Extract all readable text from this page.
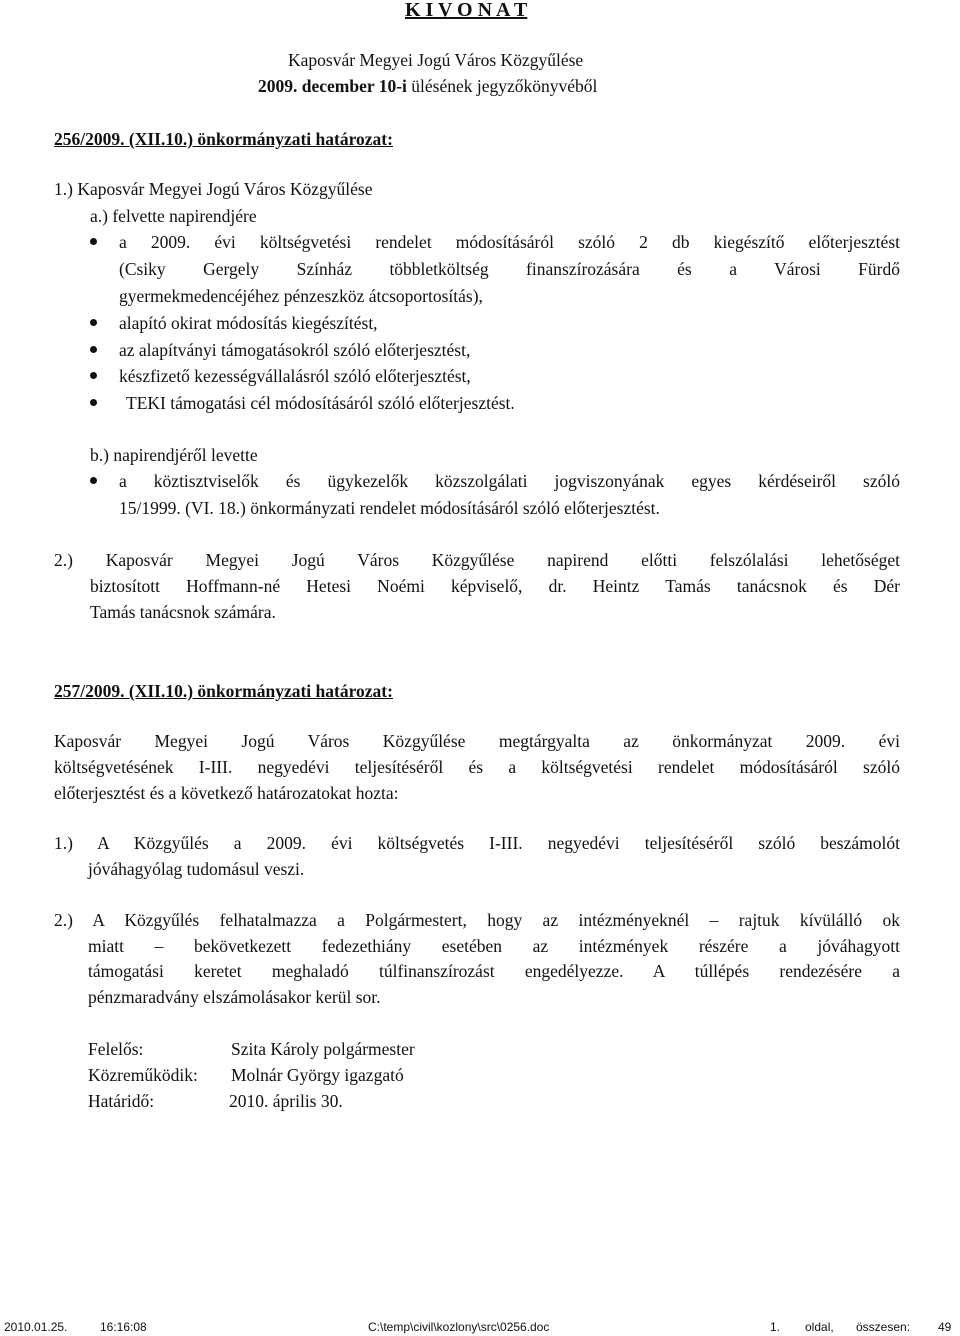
K I V O N A T
Kaposvár Megyei Jogú Város Közgyűlése
2009. december 10-i ülésének jegyzőkönyvéből
256/2009. (XII.10.) önkormányzati határozat:
1.) Kaposvár Megyei Jogú Város Közgyűlése
a.) felvette napirendjére
a 2009. évi költségvetési rendelet módosításáról szóló 2 db kiegészítő előterjesztést
(Csiky Gergely Színház többletköltség finanszírozására és a Városi Fürdő
gyermekmedencéjéhez pénzeszköz átcsoportosítás),
alapító okirat módosítás kiegészítést,
az alapítványi támogatásokról szóló előterjesztést,
készfizető kezességvállalásról szóló előterjesztést,
TEKI támogatási cél módosításáról szóló előterjesztést.
b.) napirendjéről levette
a köztisztviselők és ügykezelők közszolgálati jogviszonyának egyes kérdéseiről szóló
15/1999. (VI. 18.) önkormányzati rendelet módosításáról szóló előterjesztést.
2.) Kaposvár Megyei Jogú Város Közgyűlése napirend előtti felszólalási lehetőséget
biztosított Hoffmann-né Hetesi Noémi képviselő, dr. Heintz Tamás tanácsnok és Dér
Tamás tanácsnok számára.
257/2009. (XII.10.) önkormányzati határozat:
Kaposvár Megyei Jogú Város Közgyűlése megtárgyalta az önkormányzat 2009. évi
költségvetésének I-III. negyedévi teljesítéséről és a költségvetési rendelet módosításáról szóló
előterjesztést és a következő határozatokat hozta:
1.) A Közgyűlés a 2009. évi költségvetés I-III. negyedévi teljesítéséről szóló beszámolót
jóváhagyólag tudomásul veszi.
2.) A Közgyűlés felhatalmazza a Polgármestert, hogy az intézményeknél – rajtuk kívülálló ok
miatt – bekövetkezett fedezethiány esetében az intézmények részére a jóváhagyott
támogatási keretet meghaladó túlfinanszírozást engedélyezze. A túllépés rendezésére a
pénzmaradvány elszámolásakor kerül sor.
Felelős:	Szita Károly polgármester
Közreműködik: Molnár György igazgató
Határidő:	2010. április 30.
2010.01.25.	16:16:08	C:\temp\civil\kozlony\src\0256.doc	1. oldal, összesen: 49
